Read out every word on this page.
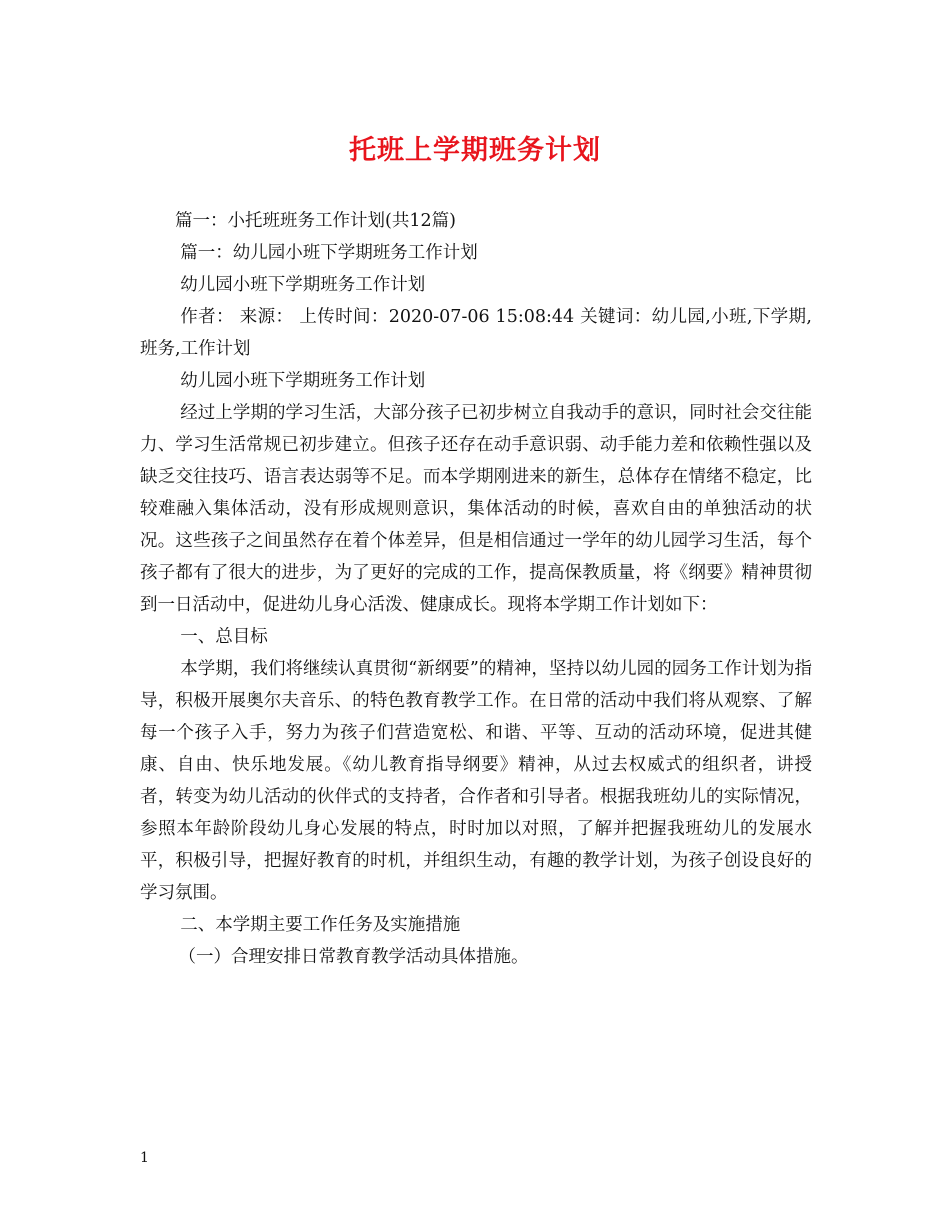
托班上学期班务计划

篇一：小托班班务工作计划(共12篇)

篇一：幼儿园小班下学期班务工作计划

幼儿园小班下学期班务工作计划

作者： 来源： 上传时间：2020-07-06 15:08:44 关键词：幼儿园,小班,下学期,班务,工作计划

幼儿园小班下学期班务工作计划

经过上学期的学习生活，大部分孩子已初步树立自我动手的意识，同时社会交往能力、学习生活常规已初步建立。但孩子还存在动手意识弱、动手能力差和依赖性强以及缺乏交往技巧、语言表达弱等不足。而本学期刚进来的新生，总体存在情绪不稳定，比较难融入集体活动，没有形成规则意识，集体活动的时候，喜欢自由的单独活动的状况。这些孩子之间虽然存在着个体差异，但是相信通过一学年的幼儿园学习生活，每个孩子都有了很大的进步，为了更好的完成的工作，提高保教质量，将《纲要》精神贯彻到一日活动中，促进幼儿身心活泼、健康成长。现将本学期工作计划如下：

一、总目标

本学期，我们将继续认真贯彻“新纲要”的精神，坚持以幼儿园的园务工作计划为指导，积极开展奥尔夫音乐、的特色教育教学工作。在日常的活动中我们将从观察、了解每一个孩子入手，努力为孩子们营造宽松、和谐、平等、互动的活动环境，促进其健康、自由、快乐地发展。《幼儿教育指导纲要》精神，从过去权威式的组织者，讲授者，转变为幼儿活动的伙伴式的支持者，合作者和引导者。根据我班幼儿的实际情况，参照本年龄阶段幼儿身心发展的特点，时时加以对照，了解并把握我班幼儿的发展水平，积极引导，把握好教育的时机，并组织生动，有趣的教学计划，为孩子创设良好的学习氛围。

二、本学期主要工作任务及实施措施

（一）合理安排日常教育教学活动具体措施。

1
